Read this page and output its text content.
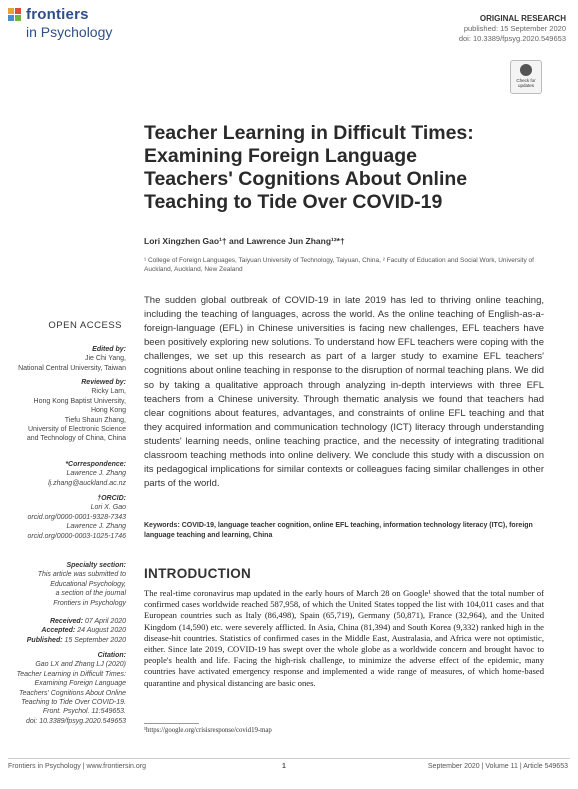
frontiers
in Psychology
ORIGINAL RESEARCH
published: 15 September 2020
doi: 10.3389/fpsyg.2020.549653
Check for updates
Teacher Learning in Difficult Times: Examining Foreign Language Teachers' Cognitions About Online Teaching to Tide Over COVID-19
Lori Xingzhen Gao¹† and Lawrence Jun Zhang¹²*†
¹ College of Foreign Languages, Taiyuan University of Technology, Taiyuan, China, ² Faculty of Education and Social Work, University of Auckland, Auckland, New Zealand
The sudden global outbreak of COVID-19 in late 2019 has led to thriving online teaching, including the teaching of languages, across the world. As the online teaching of English-as-a-foreign-language (EFL) in Chinese universities is facing new challenges, EFL teachers have been positively exploring new solutions. To understand how EFL teachers were coping with the challenges, we set up this research as part of a larger study to examine EFL teachers' cognitions about online teaching in response to the disruption of normal teaching plans. We did so by taking a qualitative approach through analyzing in-depth interviews with three EFL teachers from a Chinese university. Through thematic analysis we found that teachers had clear cognitions about features, advantages, and constraints of online EFL teaching and that they acquired information and communication technology (ICT) literacy through understanding students' learning needs, online teaching practice, and the necessity of integrating traditional classroom teaching methods into online delivery. We conclude this study with a discussion on its pedagogical implications for similar contexts or colleagues facing similar challenges in other parts of the world.
Keywords: COVID-19, language teacher cognition, online EFL teaching, information technology literacy (ITC), foreign language teaching and learning, China
OPEN ACCESS
Edited by:
Jie Chi Yang,
National Central University, Taiwan
Reviewed by:
Ricky Lam,
Hong Kong Baptist University,
Hong Kong
Tiefu Shaun Zhang,
University of Electronic Science
and Technology of China, China
*Correspondence:
Lawrence J. Zhang
lj.zhang@auckland.ac.nz
†ORCID:
Lori X. Gao
orcid.org/0000-0001-9328-7343
Lawrence J. Zhang
orcid.org/0000-0003-1025-1746
Specialty section:
This article was submitted to
Educational Psychology,
a section of the journal
Frontiers in Psychology
Received: 07 April 2020
Accepted: 24 August 2020
Published: 15 September 2020
Citation:
Gao LX and Zhang LJ (2020)
Teacher Learning in Difficult Times:
Examining Foreign Language
Teachers' Cognitions About Online
Teaching to Tide Over COVID-19.
Front. Psychol. 11:549653.
doi: 10.3389/fpsyg.2020.549653
INTRODUCTION
The real-time coronavirus map updated in the early hours of March 28 on Google¹ showed that the total number of confirmed cases worldwide reached 587,958, of which the United States topped the list with 104,011 cases and that European countries such as Italy (86,498), Spain (65,719), Germany (50,871), France (32,964), and the United Kingdom (14,590) etc. were severely afflicted. In Asia, China (81,394) and South Korea (9,332) ranked high in the disease-hit countries. Statistics of confirmed cases in the Middle East, Australasia, and Africa were not optimistic, either. Since late 2019, COVID-19 has swept over the whole globe as a worldwide concern and brought havoc to people's health and life. Facing the high-risk challenge, to minimize the adverse effect of the epidemic, many countries have activated emergency response and implemented a wide range of measures, of which home-based quarantine and physical distancing are basic ones.
¹https://google.org/crisisresponse/covid19-map
Frontiers in Psychology | www.frontiersin.org	1	September 2020 | Volume 11 | Article 549653
